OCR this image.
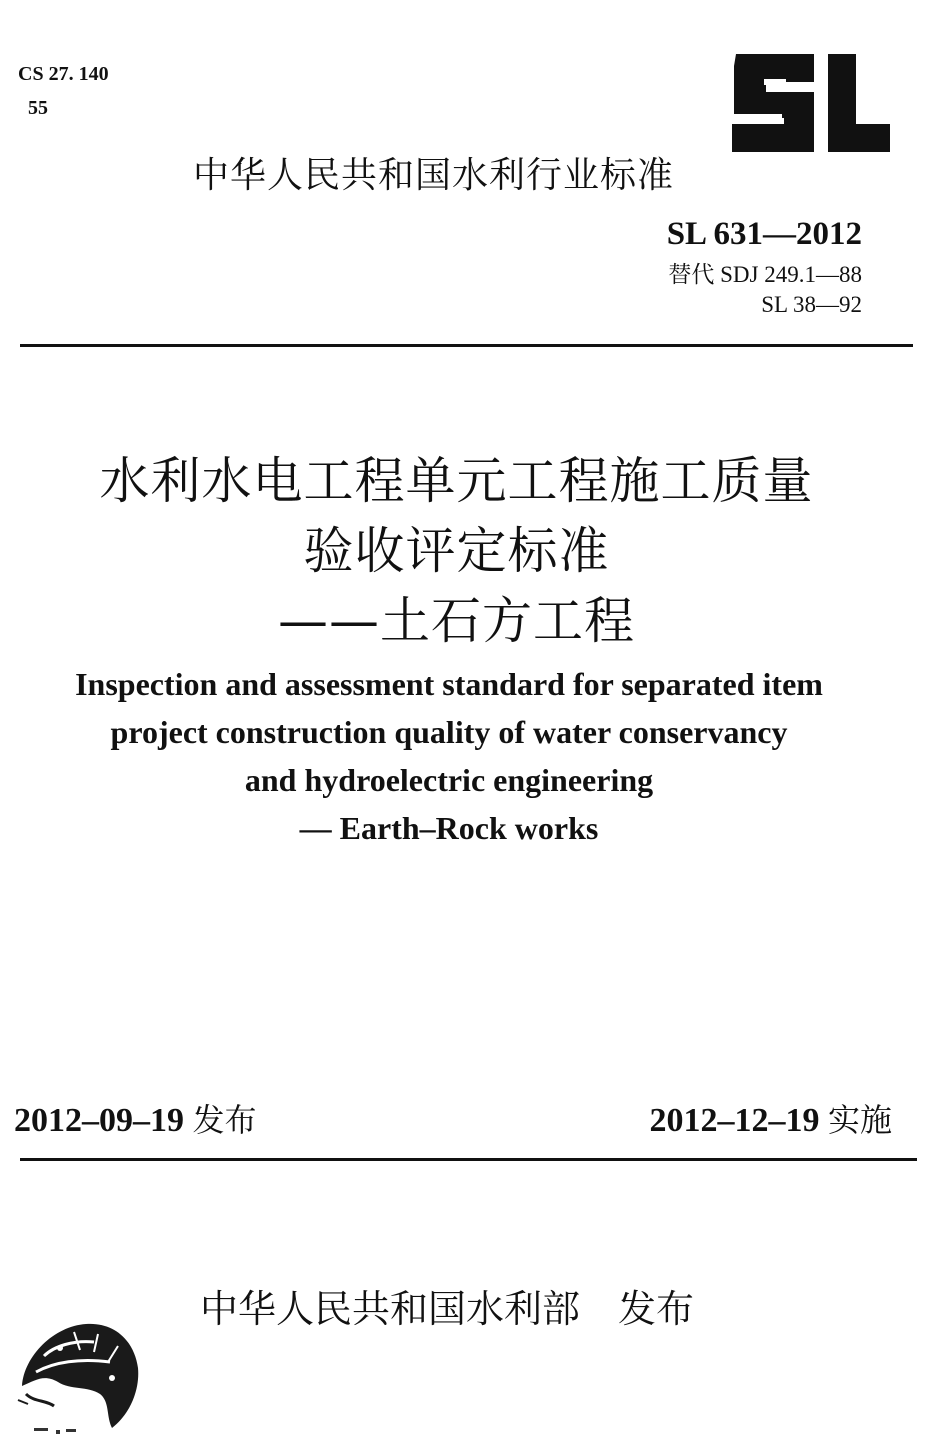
CS 27. 140
55
中华人民共和国水利行业标准
SL 631—2012
替代 SDJ 249.1—88
SL 38—92
水利水电工程单元工程施工质量
验收评定标准
——土石方工程
Inspection and assessment standard for separated item
project construction quality of water conservancy
and hydroelectric engineering
— Earth–Rock works
2012–09–19 发布	2012–12–19 实施
中华人民共和国水利部 发布
